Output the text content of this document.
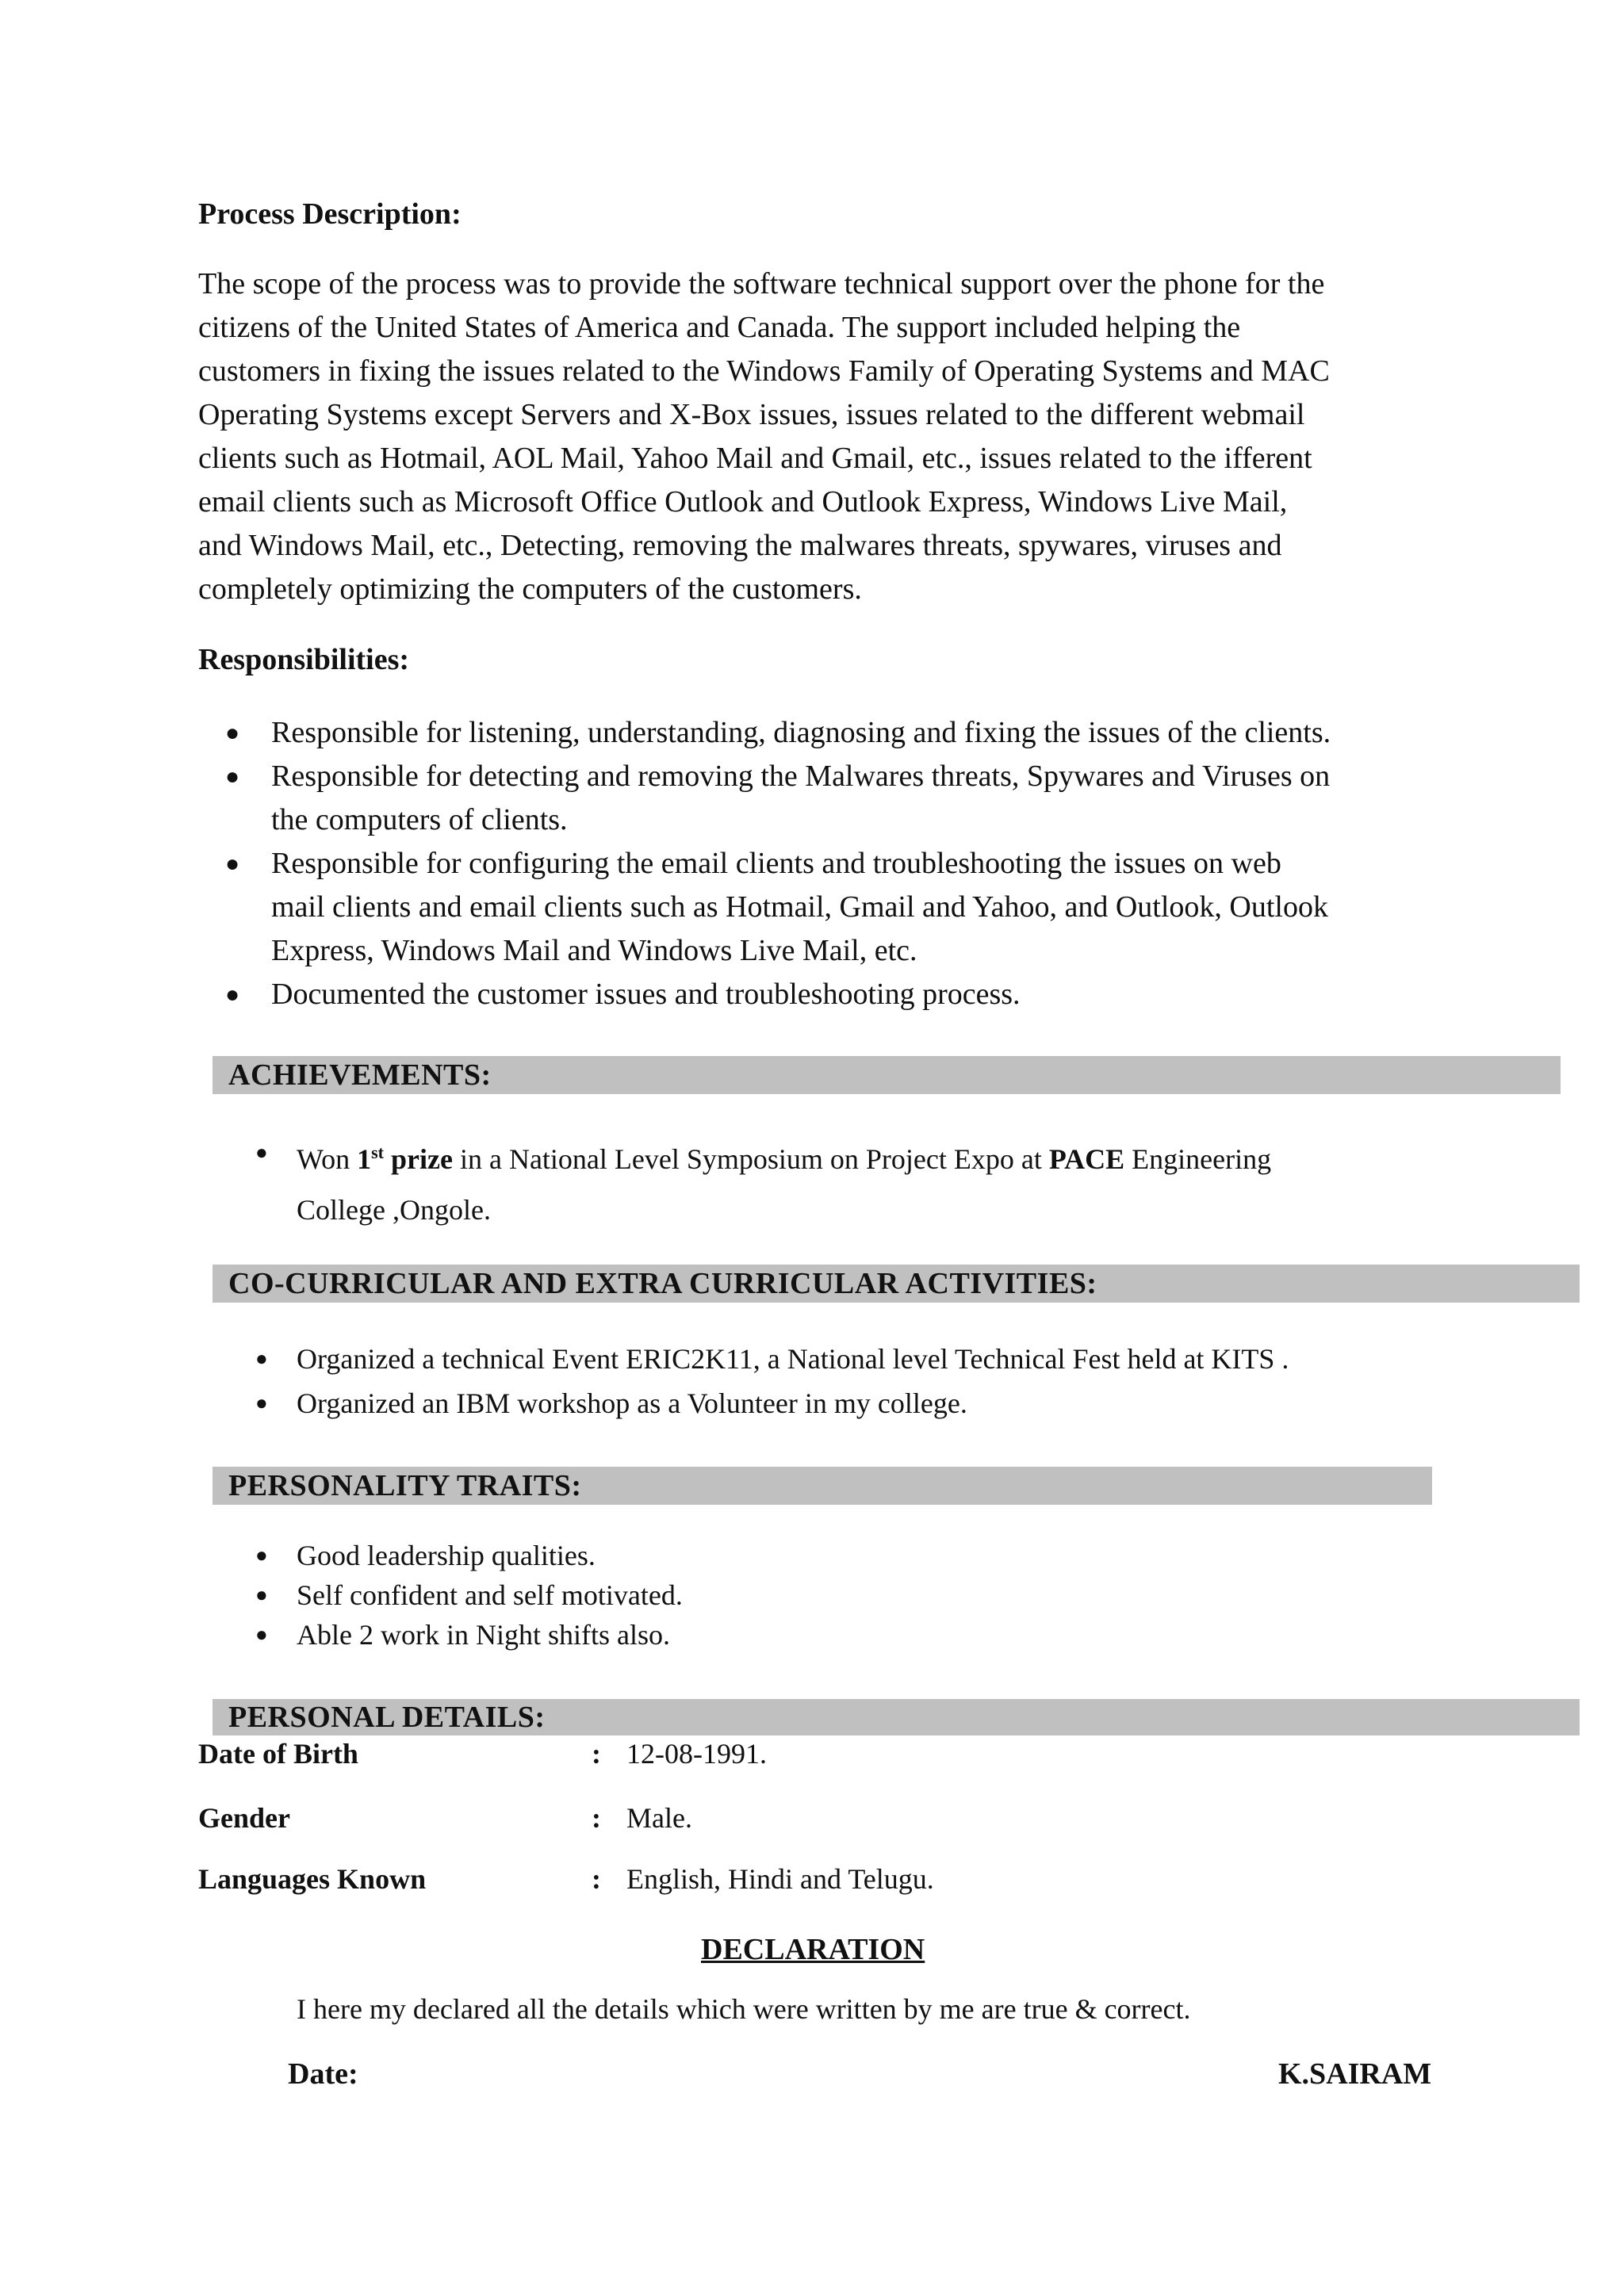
Process Description:
The scope of the process was to provide the software technical support over the phone for the
citizens of the United States of America and Canada. The support included helping the
customers in fixing the issues related to the Windows Family of Operating Systems and MAC
Operating Systems except Servers and X-Box issues, issues related to the different webmail
clients such as Hotmail, AOL Mail, Yahoo Mail and Gmail, etc., issues related to the ifferent
email clients such as Microsoft Office Outlook and Outlook Express, Windows Live Mail,
and Windows Mail, etc., Detecting, removing the malwares threats, spywares, viruses and
completely optimizing the computers of the customers.
Responsibilities:
● Responsible for listening, understanding, diagnosing and fixing the issues of the clients.
● Responsible for detecting and removing the Malwares threats, Spywares and Viruses on
the computers of clients.
● Responsible for configuring the email clients and troubleshooting the issues on web
mail clients and email clients such as Hotmail, Gmail and Yahoo, and Outlook, Outlook
Express, Windows Mail and Windows Live Mail, etc.
● Documented the customer issues and troubleshooting process.
ACHIEVEMENTS:
● Won 1st prize in a National Level Symposium on Project Expo at PACE Engineering
College ,Ongole.
CO-CURRICULAR AND EXTRA CURRICULAR ACTIVITIES:
● Organized a technical Event ERIC2K11, a National level Technical Fest held at KITS .
● Organized an IBM workshop as a Volunteer in my college.
PERSONALITY TRAITS:
● Good leadership qualities.
● Self confident and self motivated.
● Able 2 work in Night shifts also.
PERSONAL DETAILS:
Date of Birth	: 12-08-1991.
Gender	: Male.
Languages Known	: English, Hindi and Telugu.
DECLARATION

I here my declared all the details which were written by me are true & correct.

Date:	K.SAIRAM
